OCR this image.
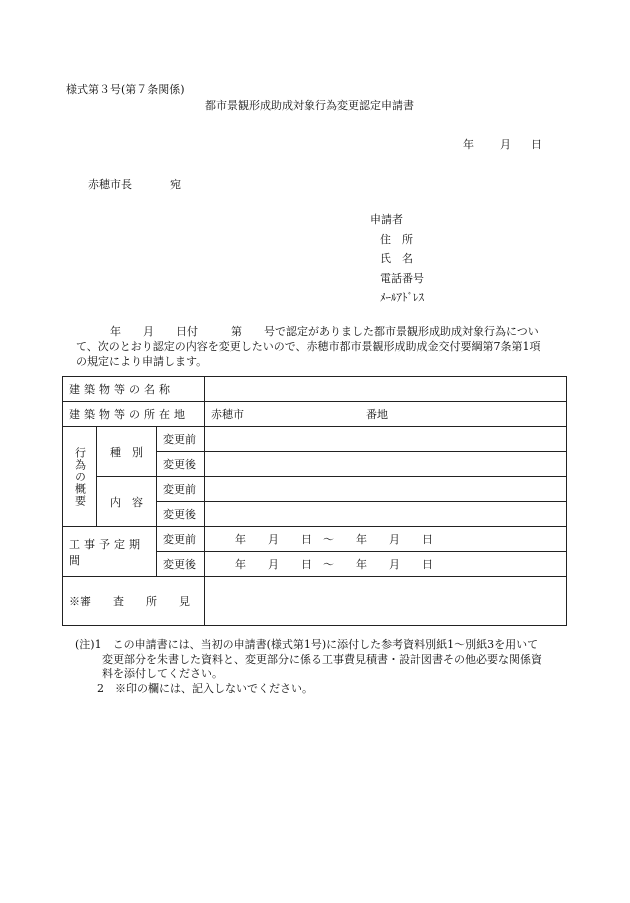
様式第３号(第７条関係)
都市景観形成助成対象行為変更認定申請書
年 月 日
赤穂市長	宛
申請者
住　所
氏　名
電話番号
ﾒｰﾙｱﾄﾞﾚｽ
年　　月　　日付　　　第　　号で認定がありました都市景観形成助成対象行為につい
て、次のとおり認定の内容を変更したいので、赤穂市都市景観形成助成金交付要綱第7条第1項
の規定により申請します。
建築物等の名称			
建築物等の所在地			赤穂市 番地
行為の概要	種　別	変更前	
		変更後	
	内　容	変更前	
		変更後	
工事予定期間		変更前	年　　月　　日　～　　年　　月　　日
		変更後	年　　月　　日　～　　年　　月　　日
※審　　査　　所　　見			
(注)1　この申請書には、当初の申請書(様式第1号)に添付した参考資料別紙1～別紙3を用いて
変更部分を朱書した資料と、変更部分に係る工事費見積書・設計図書その他必要な関係資
料を添付してください。
2　※印の欄には、記入しないでください。
